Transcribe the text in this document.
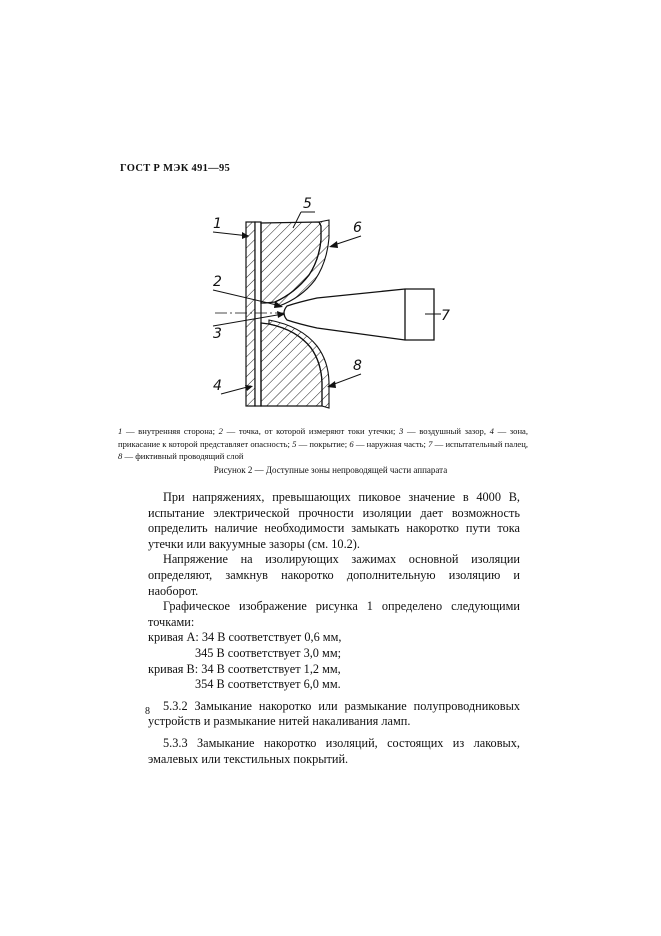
ГОСТ Р МЭК 491—95
1
5
6
2
3
7
4
8
1 — внутренняя сторона; 2 — точка, от которой измеряют токи утечки; 3 — воздушный зазор, 4 — зона, прикасание к которой представляет опасность; 5 — покрытие; 6 — наружная часть; 7 — испытательный палец, 8 — фиктивный проводящий слой
Рисунок 2 — Доступные зоны непроводящей части аппарата

При напряжениях, превышающих пиковое значение в 4000 В, испытание электрической прочности изоляции дает возможность определить наличие необходимости замыкать накоротко пути тока утечки или вакуумные зазоры (см. 10.2).

Напряжение на изолирующих зажимах основной изоляции определяют, замкнув накоротко дополнительную изоляцию и наоборот.

Графическое изображение рисунка 1 определено следующими точками:

кривая A: 34 В соответствует 0,6 мм,

345 В соответствует 3,0 мм;

кривая B: 34 В соответствует 1,2 мм,

354 В соответствует 6,0 мм.

5.3.2 Замыкание накоротко или размыкание полупроводниковых устройств и размыкание нитей накаливания ламп.

5.3.3 Замыкание накоротко изоляций, состоящих из лаковых, эмалевых или текстильных покрытий.

8
